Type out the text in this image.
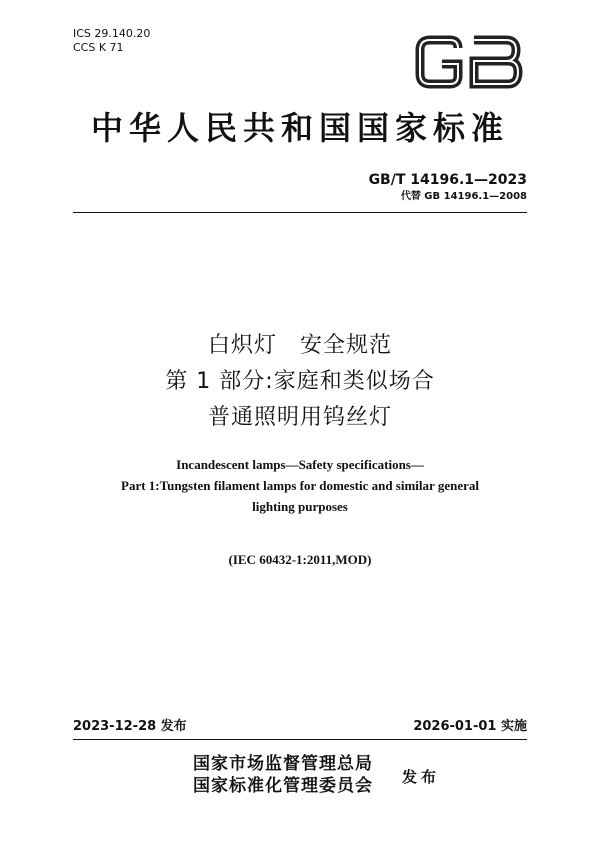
ICS 29.140.20
CCS K 71
GB
中华人民共和国国家标准
GB/T 14196.1—2023
代替 GB 14196.1—2008
白炽灯　安全规范
第 1 部分:家庭和类似场合
普通照明用钨丝灯
Incandescent lamps—Safety specifications—
Part 1:Tungsten filament lamps for domestic and similar general
lighting purposes
(IEC 60432-1:2011,MOD)
2023-12-28 发布	2026-01-01 实施
国家市场监督管理总局
国家标准化管理委员会 发布
